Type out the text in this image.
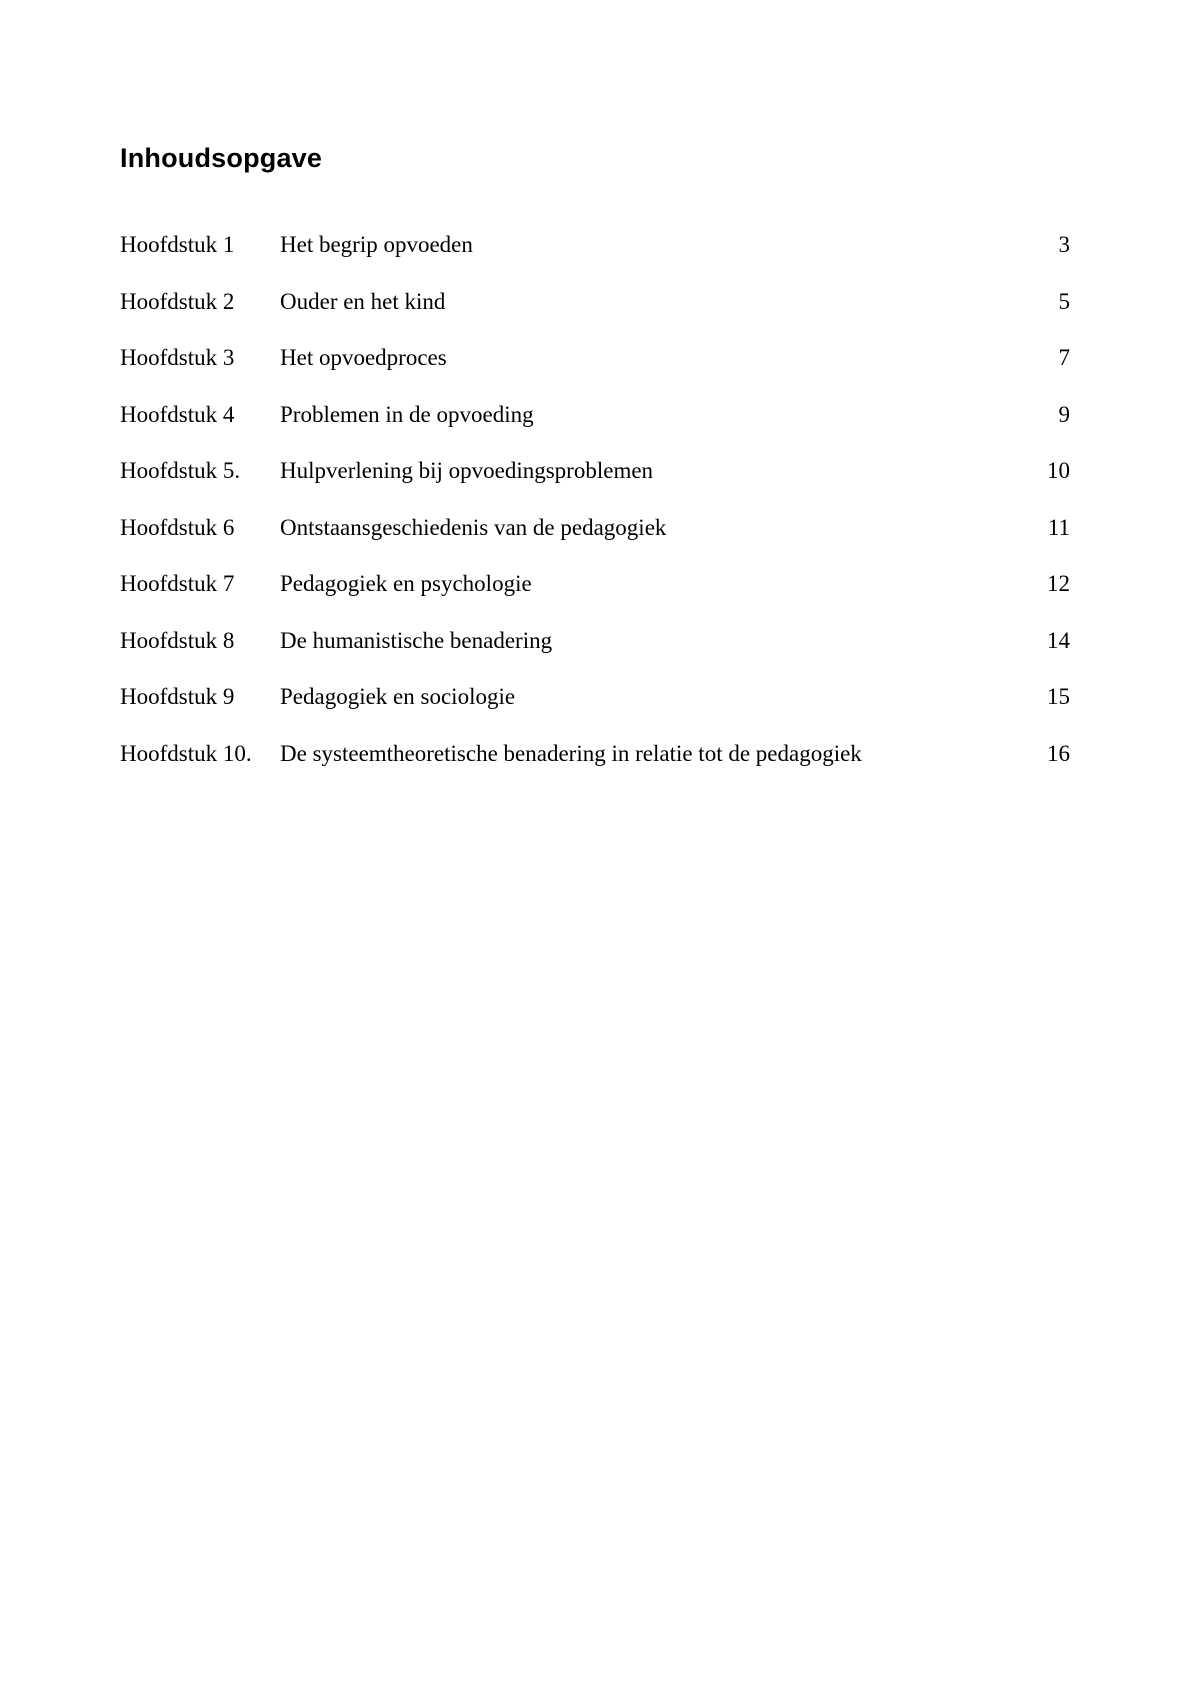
Inhoudsopgave
Hoofdstuk 1 Het begrip opvoeden	3
Hoofdstuk 2 Ouder en het kind	5
Hoofdstuk 3 Het opvoedproces	7
Hoofdstuk 4 Problemen in de opvoeding	9
Hoofdstuk 5. Hulpverlening bij opvoedingsproblemen	10
Hoofdstuk 6 Ontstaansgeschiedenis van de pedagogiek	11
Hoofdstuk 7 Pedagogiek en psychologie	12
Hoofdstuk 8 De humanistische benadering	14
Hoofdstuk 9 Pedagogiek en sociologie	15
Hoofdstuk 10. De systeemtheoretische benadering in relatie tot de pedagogiek	16
